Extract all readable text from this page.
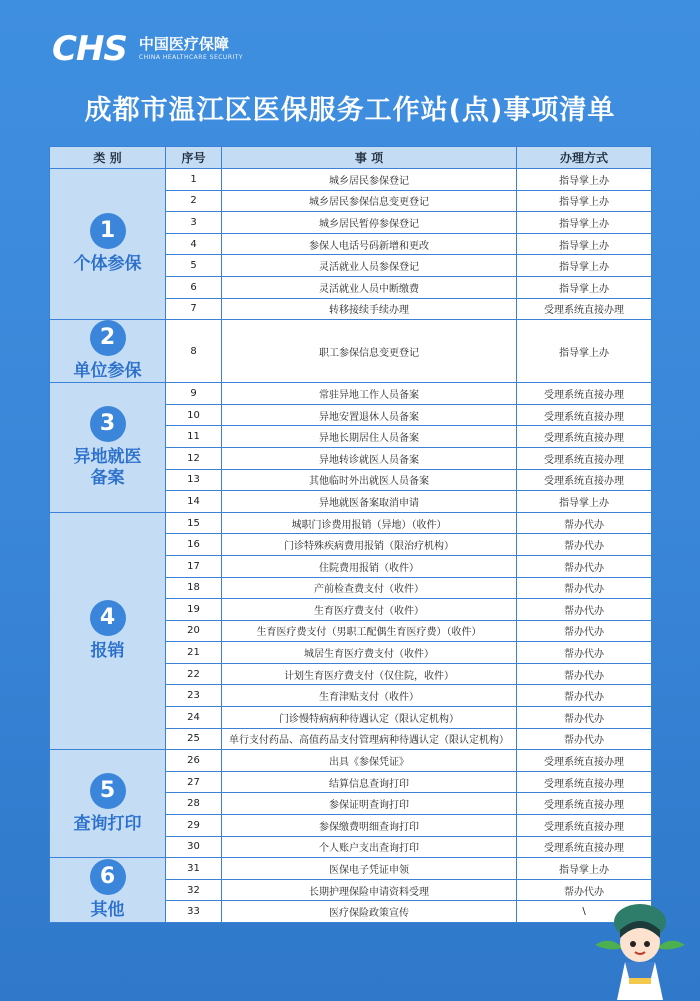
CHS 中国医疗保障
CHINA HEALTHCARE SECURITY
成都市温江区医保服务工作站(点)事项清单
类 别	序号	事 项	办理方式
1
个体参保	1	城乡居民参保登记	指导掌上办
	2	城乡居民参保信息变更登记	指导掌上办
	3	城乡居民暂停参保登记	指导掌上办
	4	参保人电话号码新增和更改	指导掌上办
	5	灵活就业人员参保登记	指导掌上办
	6	灵活就业人员中断缴费	指导掌上办
	7	转移接续手续办理	受理系统直接办理
2
单位参保	8	职工参保信息变更登记	指导掌上办
3
异地就医
备案	9	常驻异地工作人员备案	受理系统直接办理
	10	异地安置退休人员备案	受理系统直接办理
	11	异地长期居住人员备案	受理系统直接办理
	12	异地转诊就医人员备案	受理系统直接办理
	13	其他临时外出就医人员备案	受理系统直接办理
	14	异地就医备案取消申请	指导掌上办
4
报销	15	城职门诊费用报销（异地）（收件）	帮办代办
	16	门诊特殊疾病费用报销（限治疗机构）	帮办代办
	17	住院费用报销（收件）	帮办代办
	18	产前检查费支付（收件）	帮办代办
	19	生育医疗费支付（收件）	帮办代办
	20	生育医疗费支付（男职工配偶生育医疗费）（收件）	帮办代办
	21	城居生育医疗费支付（收件）	帮办代办
	22	计划生育医疗费支付（仅住院，收件）	帮办代办
	23	生育津贴支付（收件）	帮办代办
	24	门诊慢特病病种待遇认定（限认定机构）	帮办代办
	25	单行支付药品、高值药品支付管理病种待遇认定（限认定机构）	帮办代办
5
查询打印	26	出具《参保凭证》	受理系统直接办理
	27	结算信息查询打印	受理系统直接办理
	28	参保证明查询打印	受理系统直接办理
	29	参保缴费明细查询打印	受理系统直接办理
	30	个人账户支出查询打印	受理系统直接办理
6
其他	31	医保电子凭证申领	指导掌上办
	32	长期护理保险申请资料受理	帮办代办
	33	医疗保险政策宣传	\
